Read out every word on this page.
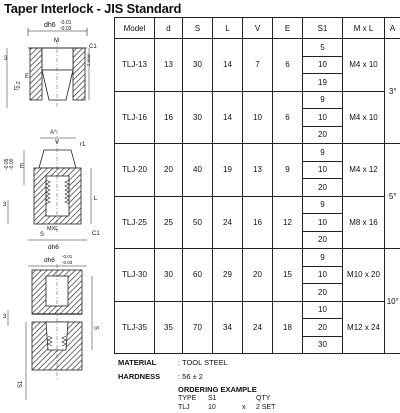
Taper Interlock - JIS Standard
dh6 -0.01
-0.03
M
C1
2 max
E
-0.2
L
3
A°
V	r1
-0.05 -0.00 E
3
L
MXL
C1
S
dh6
dh6
-0.01
-0.03
S
3
S1
Model	d	S	L	V	E	S1	M x L	A
TLJ-13	13	30	14	7	6	5	M4 x 10	3°
						10		
						19		
TLJ-16	16	30	14	10	6	9	M4 x 10	
						10		
						20		
TLJ-20	20	40	19	13	9	9	M4 x 12	5°
						10		
						20		
TLJ-25	25	50	24	16	12	9	M8 x 16	
						10		
						20		
TLJ-30	30	60	29	20	15	9	M10 x 20	10°
						10		
						20		
TLJ-35	35	70	34	24	18	10	M12 x 24	
						20		
						30		
MATERIAL	: TOOL STEEL
HARDNESS : 56 ± 2
ORDERING EXAMPLE
TYPE	S1	QTY
TLJ	10	x	2 SET
